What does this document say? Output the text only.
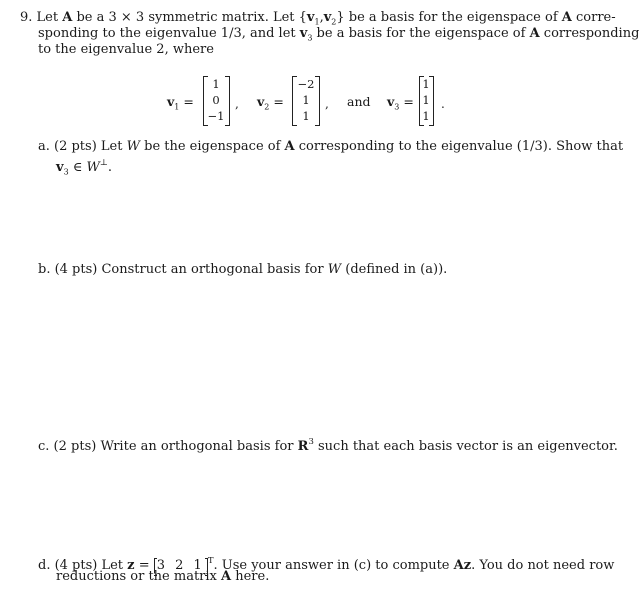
9. Let A be a 3 × 3 symmetric matrix. Let $\{v_1,v_2\}$ be a basis for the eigenspace of A corre-
sponding to the eigenvalue 1/3, and let $v_3$ be a basis for the eigenspace of A corresponding
to the eigenvalue 2, where
$v_1$ =
1
0
−1
, $v_2$ =
−2
1
1
, and $v_3$ =
1
1
1
.
a. (2 pts) Let W be the eigenspace of A corresponding to the eigenvalue (1/3). Show that
$v_3$ ∈ W⊥.
b. (4 pts) Construct an orthogonal basis for W (defined in (a)).
c. (2 pts) Write an orthogonal basis for $R^3$ such that each basis vector is an eigenvector.
d. (4 pts) Let z = 3 2 1 $^T$. Use your answer in (c) to compute Az. You do not need row
reductions or the matrix A here.
